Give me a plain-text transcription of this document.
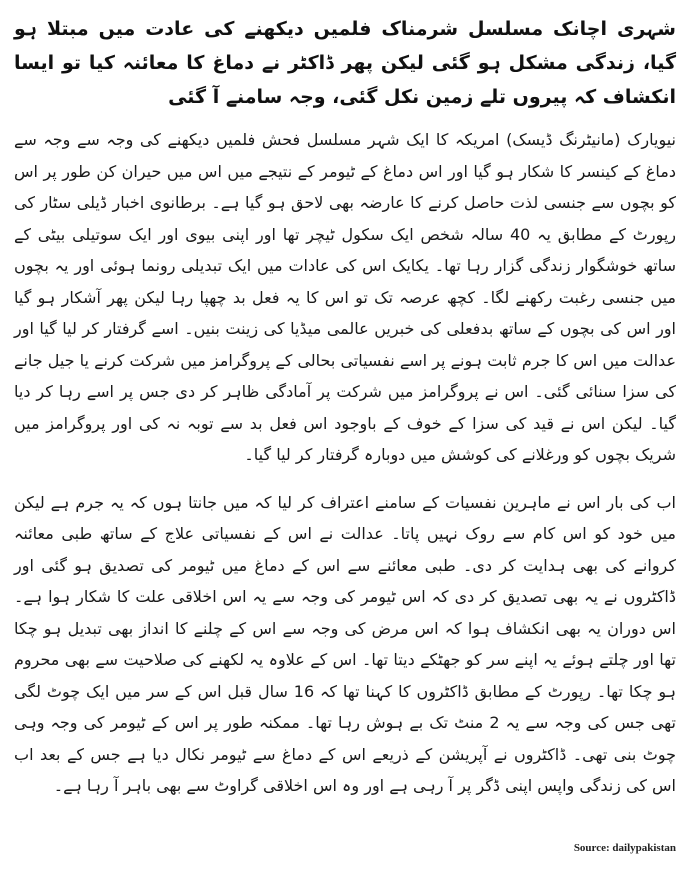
شہری اچانک مسلسل شرمناک فلمیں دیکھنے کی عادت میں مبتلا ہو گیا، زندگی مشکل ہو گئی لیکن پھر ڈاکٹر نے دماغ کا معائنہ کیا تو ایسا انکشاف کہ پیروں تلے زمین نکل گئی، وجہ سامنے آ گئی

نیویارک (مانیٹرنگ ڈیسک) امریکہ کا ایک شہر مسلسل فحش فلمیں دیکھنے کی وجہ سے وجہ سے دماغ کے کینسر کا شکار ہو گیا اور اس دماغ کے ٹیومر کے نتیجے میں اس میں حیران کن طور پر اس کو بچوں سے جنسی لذت حاصل کرنے کا عارضہ بھی لاحق ہو گیا ہے۔ برطانوی اخبار ڈیلی سٹار کی رپورٹ کے مطابق یہ 40 سالہ شخص ایک سکول ٹیچر تھا اور اپنی بیوی اور ایک سوتیلی بیٹی کے ساتھ خوشگوار زندگی گزار رہا تھا۔ یکایک اس کی عادات میں ایک تبدیلی رونما ہوئی اور یہ بچوں میں جنسی رغبت رکھنے لگا۔ کچھ عرصہ تک تو اس کا یہ فعل بد چھپا رہا لیکن پھر آشکار ہو گیا اور اس کی بچوں کے ساتھ بدفعلی کی خبریں عالمی میڈیا کی زینت بنیں۔ اسے گرفتار کر لیا گیا اور عدالت میں اس کا جرم ثابت ہونے پر اسے نفسیاتی بحالی کے پروگرامز میں شرکت کرنے یا جیل جانے کی سزا سنائی گئی۔ اس نے پروگرامز میں شرکت پر آمادگی ظاہر کر دی جس پر اسے رہا کر دیا گیا۔ لیکن اس نے قید کی سزا کے خوف کے باوجود اس فعل بد سے توبہ نہ کی اور پروگرامز میں شریک بچوں کو ورغلانے کی کوشش میں دوبارہ گرفتار کر لیا گیا۔

اب کی بار اس نے ماہرین نفسیات کے سامنے اعتراف کر لیا کہ میں جانتا ہوں کہ یہ جرم ہے لیکن میں خود کو اس کام سے روک نہیں پاتا۔ عدالت نے اس کے نفسیاتی علاج کے ساتھ طبی معائنہ کروانے کی بھی ہدایت کر دی۔ طبی معائنے سے اس کے دماغ میں ٹیومر کی تصدیق ہو گئی اور ڈاکٹروں نے یہ بھی تصدیق کر دی کہ اس ٹیومر کی وجہ سے یہ اس اخلاقی علت کا شکار ہوا ہے۔ اس دوران یہ بھی انکشاف ہوا کہ اس مرض کی وجہ سے اس کے چلنے کا انداز بھی تبدیل ہو چکا تھا اور چلتے ہوئے یہ اپنے سر کو جھٹکے دیتا تھا۔ اس کے علاوہ یہ لکھنے کی صلاحیت سے بھی محروم ہو چکا تھا۔ رپورٹ کے مطابق ڈاکٹروں کا کہنا تھا کہ 16 سال قبل اس کے سر میں ایک چوٹ لگی تھی جس کی وجہ سے یہ 2 منٹ تک بے ہوش رہا تھا۔ ممکنہ طور پر اس کے ٹیومر کی وجہ وہی چوٹ بنی تھی۔ ڈاکٹروں نے آپریشن کے ذریعے اس کے دماغ سے ٹیومر نکال دیا ہے جس کے بعد اب اس کی زندگی واپس اپنی ڈگر پر آ رہی ہے اور وہ اس اخلاقی گراوٹ سے بھی باہر آ رہا ہے۔

Source: dailypakistan
